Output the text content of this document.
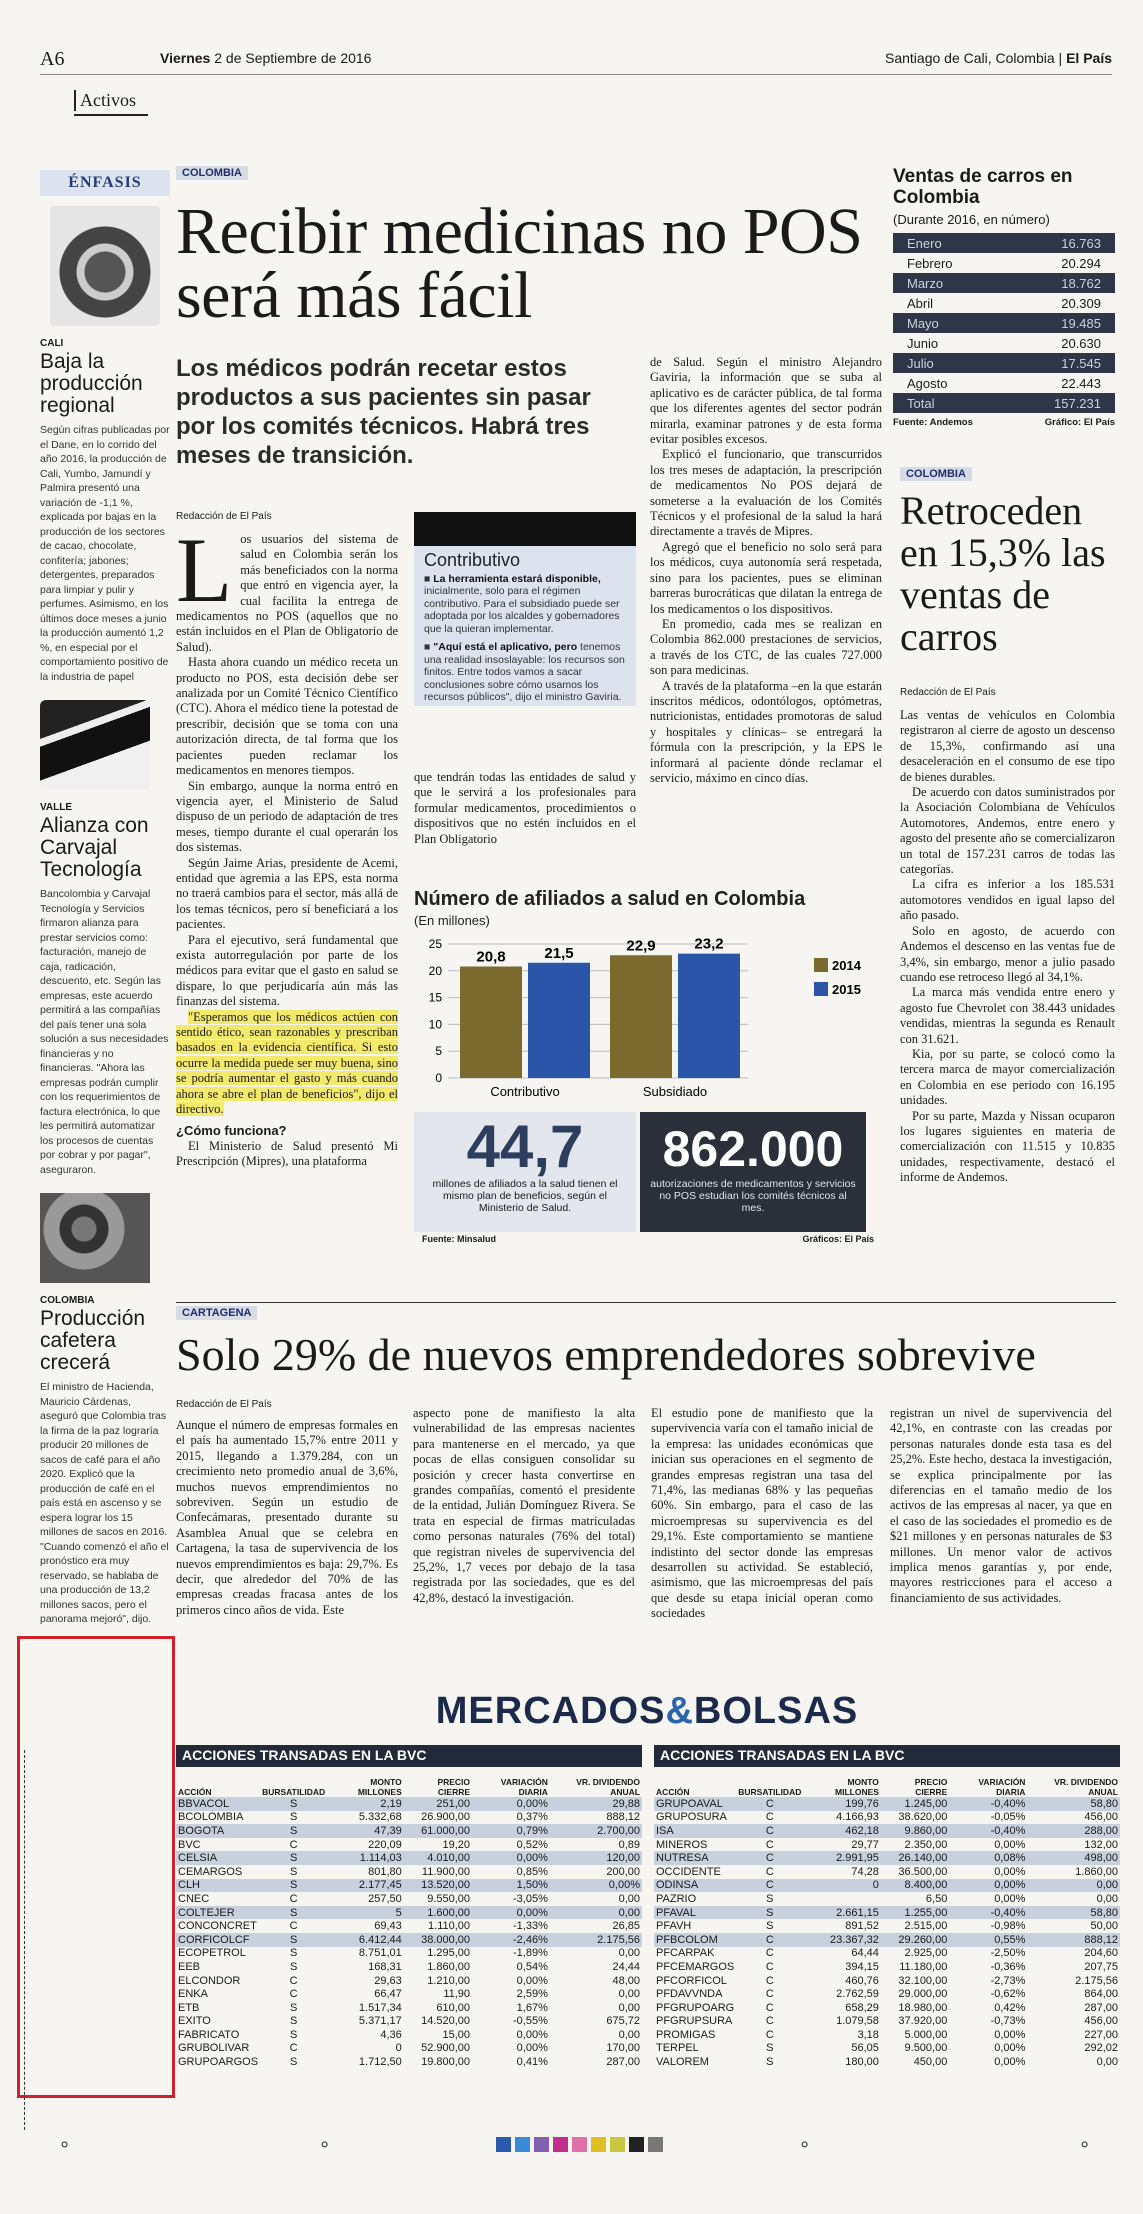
A6	Viernes 2 de Septiembre de 2016	Santiago de Cali, Colombia | El País
Activos
ÉNFASIS
CALI
Baja la producción regional
Según cifras publicadas por el Dane, en lo corrido del año 2016, la producción de Cali, Yumbo, Jamundí y Palmira presentó una variación de -1,1 %, explicada por bajas en la producción de los sectores de cacao, chocolate, confitería; jabones; detergentes, preparados para limpiar y pulir y perfumes. Asimismo, en los últimos doce meses a junio la producción aumentó 1,2 %, en especial por el comportamiento positivo de la industria de papel
VALLE
Alianza con Carvajal Tecnología
Bancolombia y Carvajal Tecnología y Servicios firmaron alianza para prestar servicios como: facturación, manejo de caja, radicación, descuento, etc. Según las empresas, este acuerdo permitirá a las compañías del país tener una sola solución a sus necesidades financieras y no financieras. "Ahora las empresas podrán cumplir con los requerimientos de factura electrónica, lo que les permitirá automatizar los procesos de cuentas por cobrar y por pagar", aseguraron.
COLOMBIA
Producción cafetera crecerá
El ministro de Hacienda, Mauricio Cárdenas, aseguró que Colombia tras la firma de la paz lograría producir 20 millones de sacos de café para el año 2020. Explicó que la producción de café en el país está en ascenso y se espera lograr los 15 millones de sacos en 2016. "Cuando comenzó el año el pronóstico era muy reservado, se hablaba de una producción de 13,2 millones sacos, pero el panorama mejoró", dijo.
COLOMBIA
Recibir medicinas no POS será más fácil
Los médicos podrán recetar estos productos a sus pacientes sin pasar por los comités técnicos. Habrá tres meses de transición.
Redacción de El País
L os usuarios del sistema de salud en Colombia serán los más beneficiados con la norma que entró en vigencia ayer, la cual facilita la entrega de medicamentos no POS (aquellos que no están incluidos en el Plan de Obligatorio de Salud).

Hasta ahora cuando un médico receta un producto no POS, esta decisión debe ser analizada por un Comité Técnico Científico (CTC). Ahora el médico tiene la potestad de prescribir, decisión que se toma con una autorización directa, de tal forma que los pacientes pueden reclamar los medicamentos en menores tiempos.

Sin embargo, aunque la norma entró en vigencia ayer, el Ministerio de Salud dispuso de un periodo de adaptación de tres meses, tiempo durante el cual operarán los dos sistemas.

Según Jaime Arias, presidente de Acemi, entidad que agremia a las EPS, esta norma no traerá cambios para el sector, más allá de los temas técnicos, pero sí beneficiará a los pacientes.

Para el ejecutivo, será fundamental que exista autorregulación por parte de los médicos para evitar que el gasto en salud se dispare, lo que perjudicaría aún más las finanzas del sistema.

"Esperamos que los médicos actúen con sentido ético, sean razonables y prescriban basados en la evidencia científica. Si esto ocurre la medida puede ser muy buena, sino se podría aumentar el gasto y más cuando ahora se abre el plan de beneficios", dijo el directivo.

¿Cómo funciona?

El Ministerio de Salud presentó Mi Prescripción (Mipres), una plataforma

Contributivo
■ La herramienta estará disponible, inicialmente, solo para el régimen contributivo. Para el subsidiado puede ser adoptada por los alcaldes y gobernadores que la quieran implementar.
■ "Aquí está el aplicativo, pero tenemos una realidad insoslayable: los recursos son finitos. Entre todos vamos a sacar conclusiones sobre cómo usamos los recursos públicos", dijo el ministro Gaviria.

que tendrán todas las entidades de salud y que le servirá a los profesionales para formular medicamentos, procedimientos o dispositivos que no estén incluidos en el Plan Obligatorio

de Salud. Según el ministro Alejandro Gaviria, la información que se suba al aplicativo es de carácter pública, de tal forma que los diferentes agentes del sector podrán mirarla, examinar patrones y de esta forma evitar posibles excesos.

Explicó el funcionario, que transcurridos los tres meses de adaptación, la prescripción de medicamentos No POS dejará de someterse a la evaluación de los Comités Técnicos y el profesional de la salud la hará directamente a través de Mipres.

Agregó que el beneficio no solo será para los médicos, cuya autonomía será respetada, sino para los pacientes, pues se eliminan barreras burocráticas que dilatan la entrega de los medicamentos o los dispositivos.

En promedio, cada mes se realizan en Colombia 862.000 prestaciones de servicios, a través de los CTC, de las cuales 727.000 son para medicinas.

A través de la plataforma –en la que estarán inscritos médicos, odontólogos, optómetras, nutricionistas, entidades promotoras de salud y hospitales y clínicas– se entregará la fórmula con la prescripción, y la EPS le informará al paciente dónde reclamar el servicio, máximo en cinco días.

Número de afiliados a salud en Colombia
(En millones)
25
20
15
10
5
0
20,8	21,5
Contributivo
22,9	23,2
Subsidiado
2014
2015
44,7
millones de afiliados a la salud tienen el mismo plan de beneficios, según el Ministerio de Salud.
862.000
autorizaciones de medicamentos y servicios no POS estudian los comités técnicos al mes.
Fuente: Minsalud	Gráficos: El País
Ventas de carros en Colombia
(Durante 2016, en número)
Enero	16.763
Febrero	20.294
Marzo	18.762
Abril	20.309
Mayo	19.485
Junio	20.630
Julio	17.545
Agosto	22.443
Total	157.231
Fuente: Andemos	Gráfico: El País
COLOMBIA
Retroceden en 15,3% las ventas de carros
Redacción de El País

Las ventas de vehículos en Colombia registraron al cierre de agosto un descenso de 15,3%, confirmando así una desaceleración en el consumo de ese tipo de bienes durables.

De acuerdo con datos suministrados por la Asociación Colombiana de Vehículos Automotores, Andemos, entre enero y agosto del presente año se comercializaron un total de 157.231 carros de todas las categorías.

La cifra es inferior a los 185.531 automotores vendidos en igual lapso del año pasado.

Solo en agosto, de acuerdo con Andemos el descenso en las ventas fue de 3,4%, sin embargo, menor a julio pasado cuando ese retroceso llegó al 34,1%.

La marca más vendida entre enero y agosto fue Chevrolet con 38.443 unidades vendidas, mientras la segunda es Renault con 31.621.

Kia, por su parte, se colocó como la tercera marca de mayor comercialización en Colombia en ese periodo con 16.195 unidades.

Por su parte, Mazda y Nissan ocuparon los lugares siguientes en materia de comercialización con 11.515 y 10.835 unidades, respectivamente, destacó el informe de Andemos.

CARTAGENA
Solo 29% de nuevos emprendedores sobrevive
Redacción de El País
Aunque el número de empresas formales en el país ha aumentado 15,7% entre 2011 y 2015, llegando a 1.379.284, con un crecimiento neto promedio anual de 3,6%, muchos nuevos emprendimientos no sobreviven. Según un estudio de Confecámaras, presentado durante su Asamblea Anual que se celebra en Cartagena, la tasa de supervivencia de los nuevos emprendimientos es baja: 29,7%. Es decir, que alrededor del 70% de las empresas creadas fracasa antes de los primeros cinco años de vida. Este
aspecto pone de manifiesto la alta vulnerabilidad de las empresas nacientes para mantenerse en el mercado, ya que pocas de ellas consiguen consolidar su posición y crecer hasta convertirse en grandes compañías, comentó el presidente de la entidad, Julián Domínguez Rivera. Se trata en especial de firmas matriculadas como personas naturales (76% del total) que registran niveles de supervivencia del 25,2%, 1,7 veces por debajo de la tasa registrada por las sociedades, que es del 42,8%, destacó la investigación.
El estudio pone de manifiesto que la supervivencia varía con el tamaño inicial de la empresa: las unidades económicas que inician sus operaciones en el segmento de grandes empresas registran una tasa del 71,4%, las medianas 68% y las pequeñas 60%. Sin embargo, para el caso de las microempresas su supervivencia es del 29,1%. Este comportamiento se mantiene indistinto del sector donde las empresas desarrollen su actividad. Se estableció, asimismo, que las microempresas del país que desde su etapa inicial operan como sociedades
registran un nivel de supervivencia del 42,1%, en contraste con las creadas por personas naturales donde esta tasa es del 25,2%. Este hecho, destaca la investigación, se explica principalmente por las diferencias en el tamaño medio de los activos de las empresas al nacer, ya que en el caso de las sociedades el promedio es de $21 millones y en personas naturales de $3 millones. Un menor valor de activos implica menos garantías y, por ende, mayores restricciones para el acceso a financiamiento de sus actividades.
MERCADOS&BOLSAS
ACCIONES TRANSADAS EN LA BVC
ACCIÓN	BURSATILIDAD	MONTO MILLONES	PRECIO CIERRE	VARIACIÓN DIARIA	VR. DIVIDENDO ANUAL
BBVACOL	S	2,19	251,00	0,00%	29,88
BCOLOMBIA	S	5.332,68	26.900,00	0,37%	888,12
BOGOTA	S	47,39	61.000,00	0,79%	2.700,00
BVC	C	220,09	19,20	0,52%	0,89
CELSIA	S	1.114,03	4.010,00	0,00%	120,00
CEMARGOS	S	801,80	11.900,00	0,85%	200,00
CLH	S	2.177,45	13.520,00	1,50%	0,00%
CNEC	C	257,50	9.550,00	-3,05%	0,00
COLTEJER	S	5	1.600,00	0,00%	0,00
CONCONCRET	C	69,43	1.110,00	-1,33%	26,85
CORFICOLCF	S	6.412,44	38.000,00	-2,46%	2.175,56
ECOPETROL	S	8.751,01	1.295,00	-1,89%	0,00
EEB	S	168,31	1.860,00	0,54%	24,44
ELCONDOR	C	29,63	1.210,00	0,00%	48,00
ENKA	C	66,47	11,90	2,59%	0,00
ETB	S	1.517,34	610,00	1,67%	0,00
EXITO	S	5.371,17	14.520,00	-0,55%	675,72
FABRICATO	S	4,36	15,00	0,00%	0,00
GRUBOLIVAR	C	0	52.900,00	0,00%	170,00
GRUPOARGOS	S	1.712,50	19.800,00	0,41%	287,00
ACCIONES TRANSADAS EN LA BVC
ACCIÓN	BURSATILIDAD	MONTO MILLONES	PRECIO CIERRE	VARIACIÓN DIARIA	VR. DIVIDENDO ANUAL
GRUPOAVAL	C	199,76	1.245,00	-0,40%	58,80
GRUPOSURA	C	4.166,93	38.620,00	-0,05%	456,00
ISA	C	462,18	9.860,00	-0,40%	288,00
MINEROS	C	29,77	2.350,00	0,00%	132,00
NUTRESA	C	2.991,95	26.140,00	0,08%	498,00
OCCIDENTE	C	74,28	36.500,00	0,00%	1.860,00
ODINSA	C	0	8.400,00	0,00%	0,00
PAZRIO	S		6,50	0,00%	0,00
PFAVAL	S	2.661,15	1.255,00	-0,40%	58,80
PFAVH	S	891,52	2.515,00	-0,98%	50,00
PFBCOLOM	C	23.367,32	29.260,00	0,55%	888,12
PFCARPAK	C	64,44	2.925,00	-2,50%	204,60
PFCEMARGOS	C	394,15	11.180,00	-0,36%	207,75
PFCORFICOL	C	460,76	32.100,00	-2,73%	2.175,56
PFDAVVNDA	C	2.762,59	29.000,00	-0,62%	864,00
PFGRUPOARG	C	658,29	18.980,00	0,42%	287,00
PFGRUPSURA	C	1.079,58	37.920,00	-0,73%	456,00
PROMIGAS	C	3,18	5.000,00	0,00%	227,00
TERPEL	S	56,05	9.500,00	0,00%	292,02
VALOREM	S	180,00	450,00	0,00%	0,00
⸰	⸰	⸰	⸰
